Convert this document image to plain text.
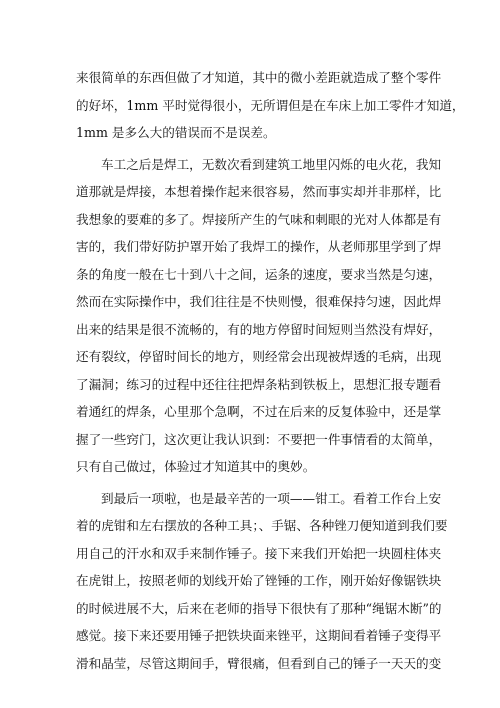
来很简单的东西但做了才知道，其中的微小差距就造成了整个零件
的好坏，1mm 平时觉得很小，无所谓但是在车床上加工零件才知道，
1mm 是多么大的错误而不是误差。
车工之后是焊工，无数次看到建筑工地里闪烁的电火花，我知
道那就是焊接，本想着操作起来很容易，然而事实却并非那样，比
我想象的要难的多了。焊接所产生的气味和刺眼的光对人体都是有
害的，我们带好防护罩开始了我焊工的操作，从老师那里学到了焊
条的角度一般在七十到八十之间，运条的速度，要求当然是匀速，
然而在实际操作中，我们往往是不快则慢，很难保持匀速，因此焊
出来的结果是很不流畅的，有的地方停留时间短则当然没有焊好，
还有裂纹，停留时间长的地方，则经常会出现被焊透的毛病，出现
了漏洞；练习的过程中还往往把焊条粘到铁板上，思想汇报专题看
着通红的焊条，心里那个急啊，不过在后来的反复体验中，还是掌
握了一些窍门，这次更让我认识到：不要把一件事情看的太简单，
只有自己做过，体验过才知道其中的奥妙。
到最后一项啦，也是最辛苦的一项——钳工。看着工作台上安
着的虎钳和左右摆放的各种工具；、手锯、各种锉刀便知道到我们要
用自己的汗水和双手来制作锤子。接下来我们开始把一块圆柱体夹
在虎钳上，按照老师的划线开始了锉锤的工作，刚开始好像锯铁块
的时候进展不大，后来在老师的指导下很快有了那种“绳锯木断”的
感觉。接下来还要用锤子把铁块面来锉平，这期间看着锤子变得平
滑和晶莹，尽管这期间手，臂很痛，但看到自己的锤子一天天的变
